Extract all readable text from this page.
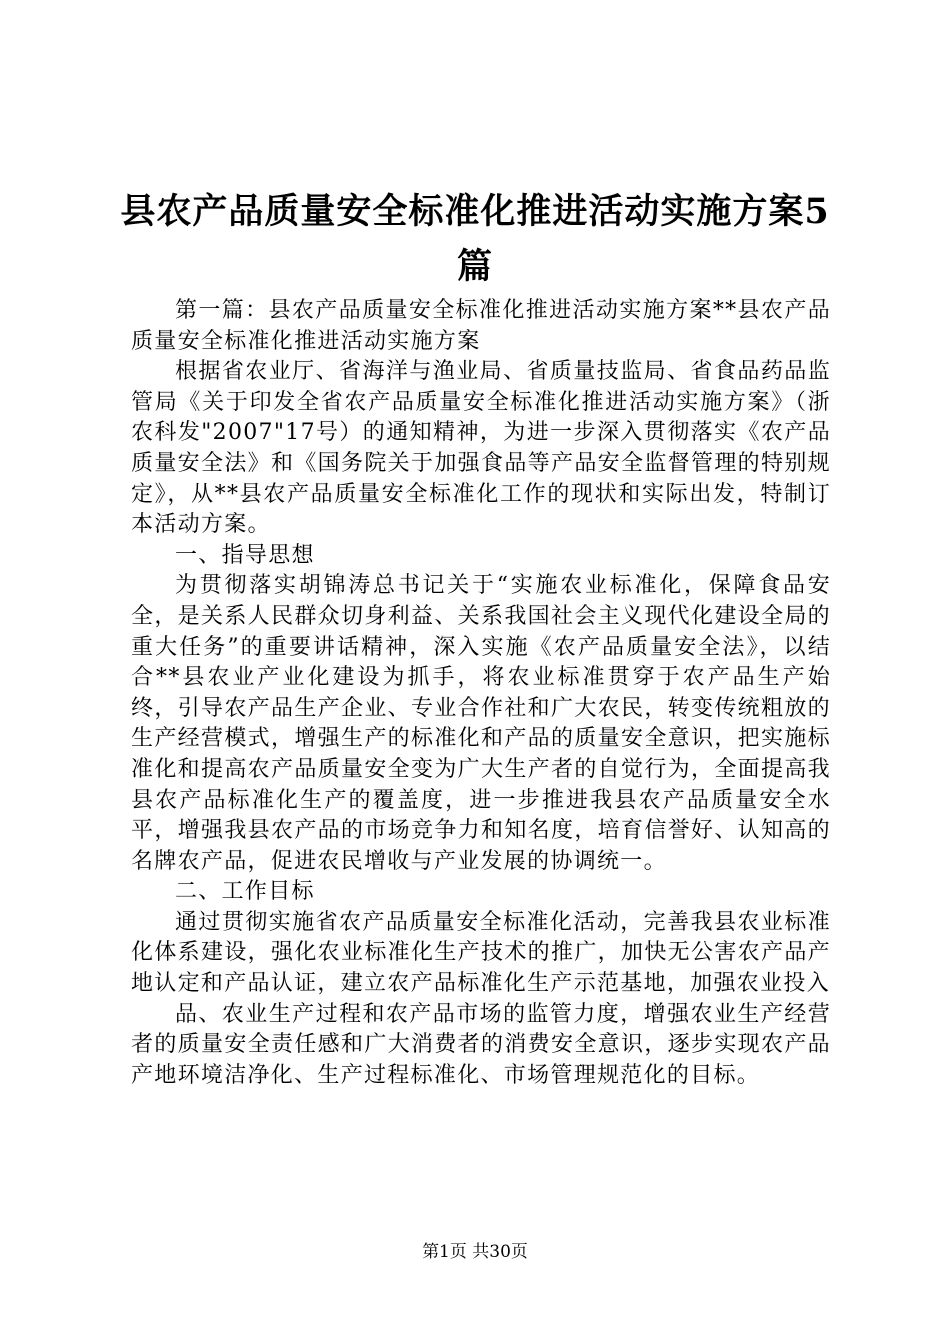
县农产品质量安全标准化推进活动实施方案5篇

第一篇：县农产品质量安全标准化推进活动实施方案**县农产品质量安全标准化推进活动实施方案

根据省农业厅、省海洋与渔业局、省质量技监局、省食品药品监管局《关于印发全省农产品质量安全标准化推进活动实施方案》（浙农科发"2007"17号）的通知精神，为进一步深入贯彻落实《农产品质量安全法》和《国务院关于加强食品等产品安全监督管理的特别规定》，从**县农产品质量安全标准化工作的现状和实际出发，特制订本活动方案。

一、指导思想

为贯彻落实胡锦涛总书记关于“实施农业标准化，保障食品安全，是关系人民群众切身利益、关系我国社会主义现代化建设全局的重大任务”的重要讲话精神，深入实施《农产品质量安全法》，以结合**县农业产业化建设为抓手，将农业标准贯穿于农产品生产始终，引导农产品生产企业、专业合作社和广大农民，转变传统粗放的生产经营模式，增强生产的标准化和产品的质量安全意识，把实施标准化和提高农产品质量安全变为广大生产者的自觉行为，全面提高我县农产品标准化生产的覆盖度，进一步推进我县农产品质量安全水平，增强我县农产品的市场竞争力和知名度，培育信誉好、认知高的名牌农产品，促进农民增收与产业发展的协调统一。

二、工作目标

通过贯彻实施省农产品质量安全标准化活动，完善我县农业标准化体系建设，强化农业标准化生产技术的推广，加快无公害农产品产地认定和产品认证，建立农产品标准化生产示范基地，加强农业投入

品、农业生产过程和农产品市场的监管力度，增强农业生产经营者的质量安全责任感和广大消费者的消费安全意识，逐步实现农产品产地环境洁净化、生产过程标准化、市场管理规范化的目标。

第1页 共30页
